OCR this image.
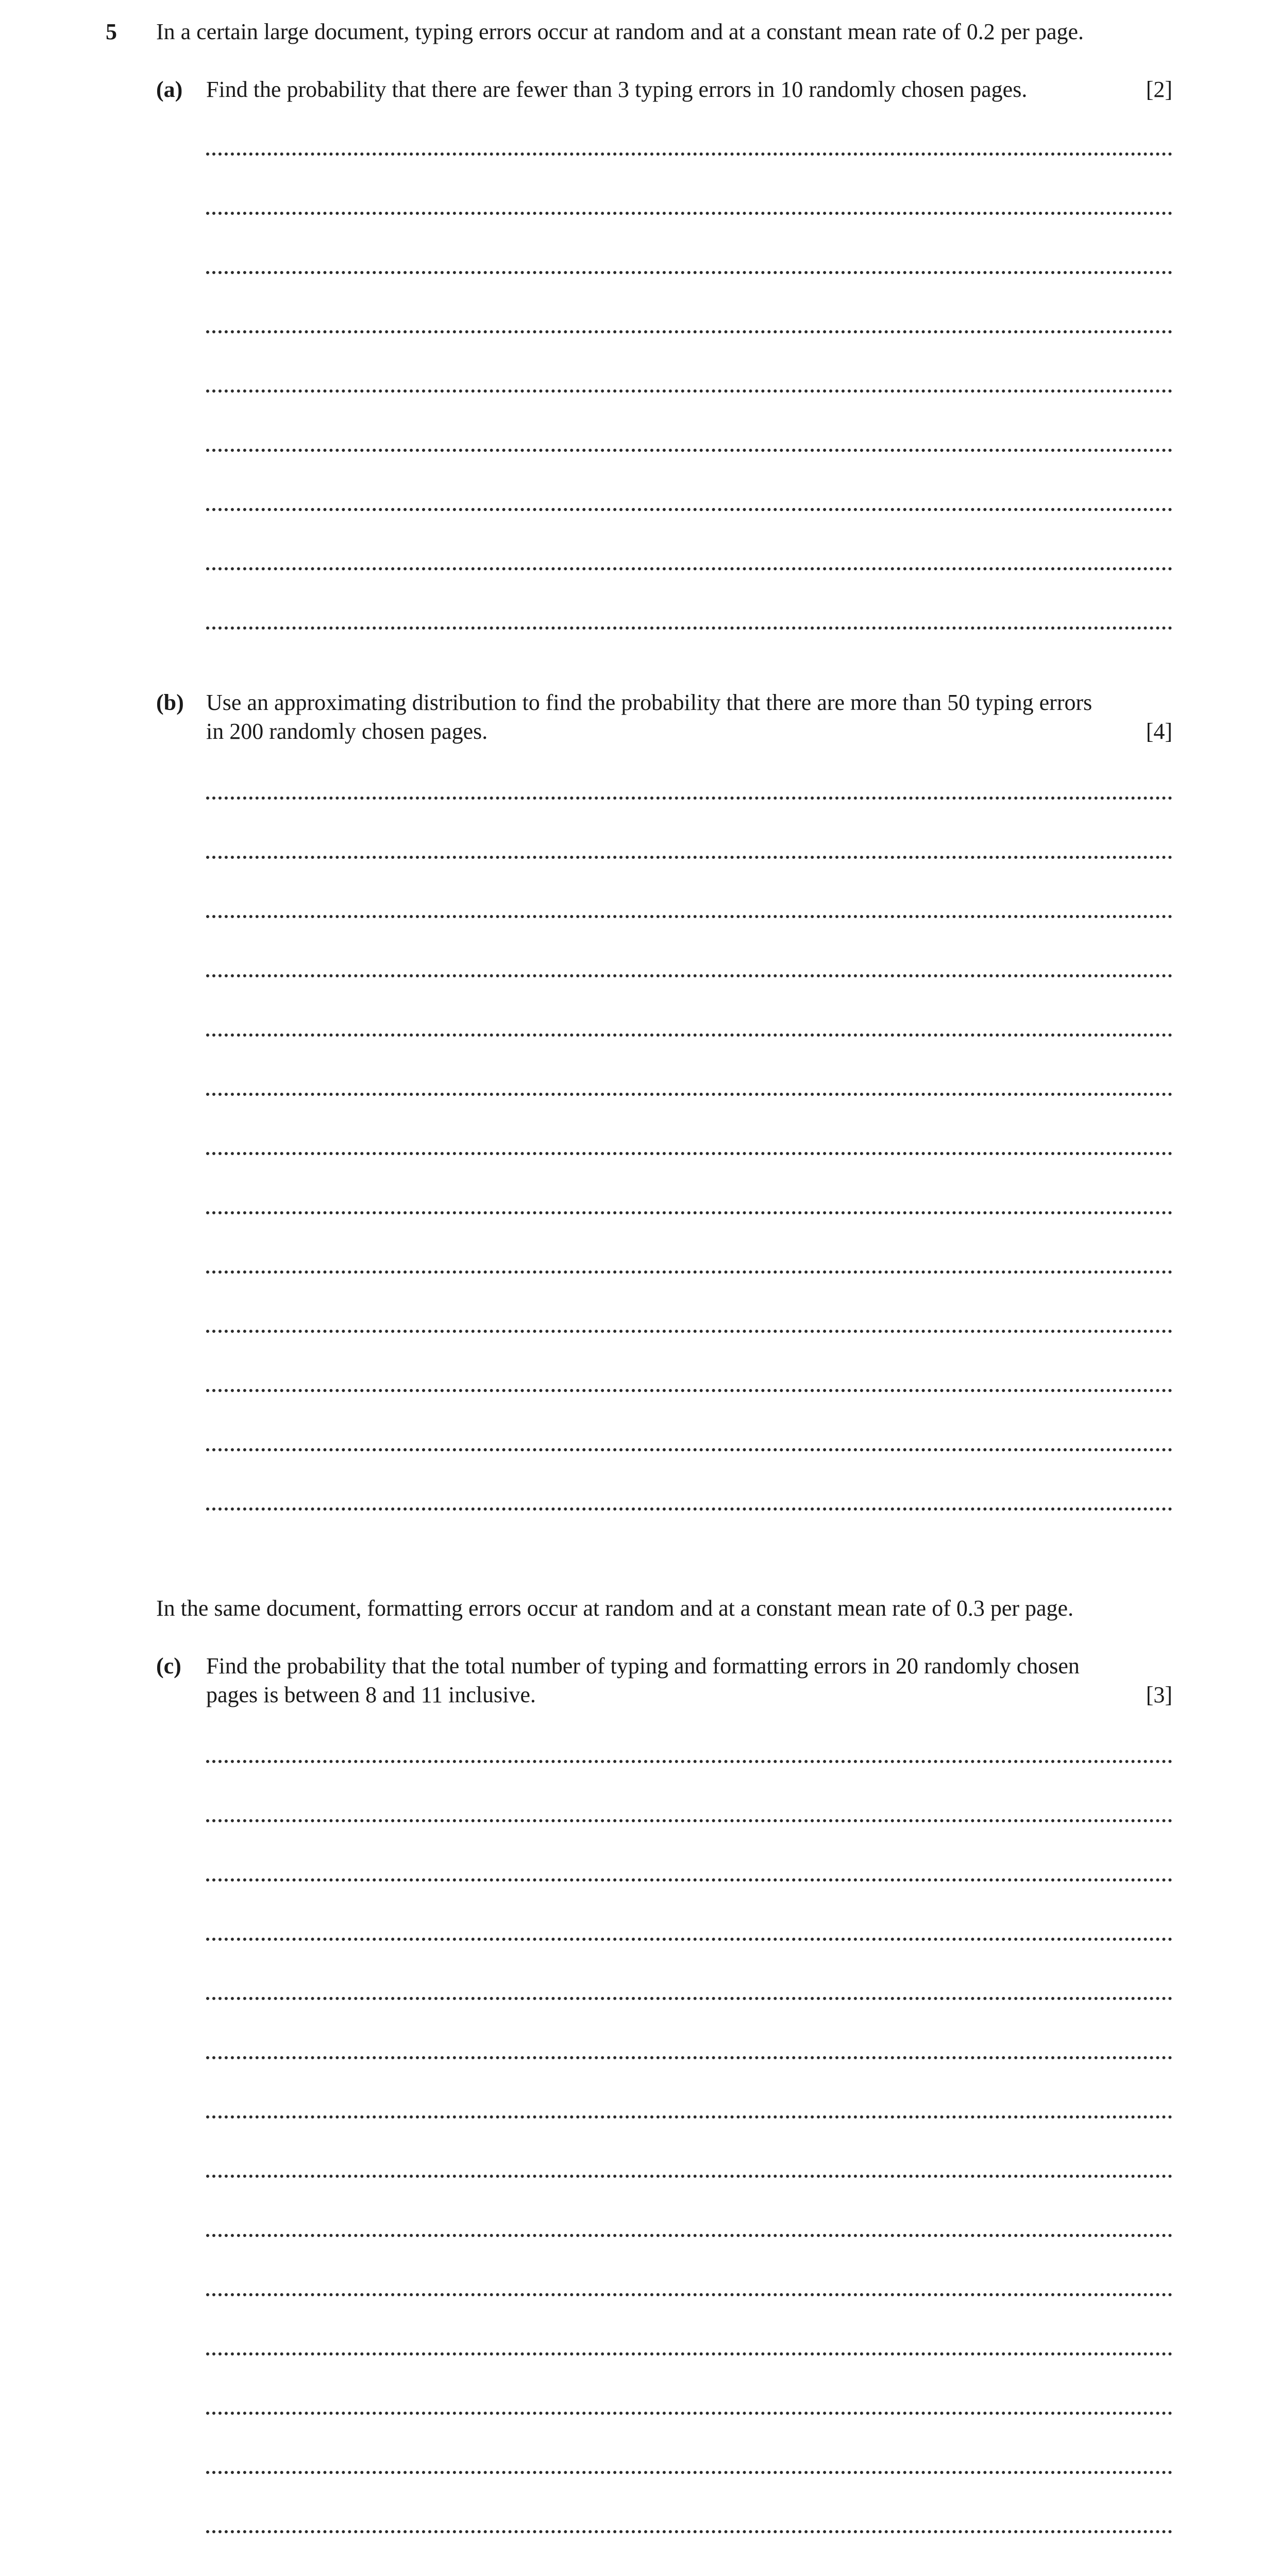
5 In a certain large document, typing errors occur at random and at a constant mean rate of 0.2 per page.
(a) Find the probability that there are fewer than 3 typing errors in 10 randomly chosen pages.	[2]
(b) Use an approximating distribution to find the probability that there are more than 50 typing errors
in 200 randomly chosen pages.	[4]
In the same document, formatting errors occur at random and at a constant mean rate of 0.3 per page.
(c) Find the probability that the total number of typing and formatting errors in 20 randomly chosen
pages is between 8 and 11 inclusive.	[3]
